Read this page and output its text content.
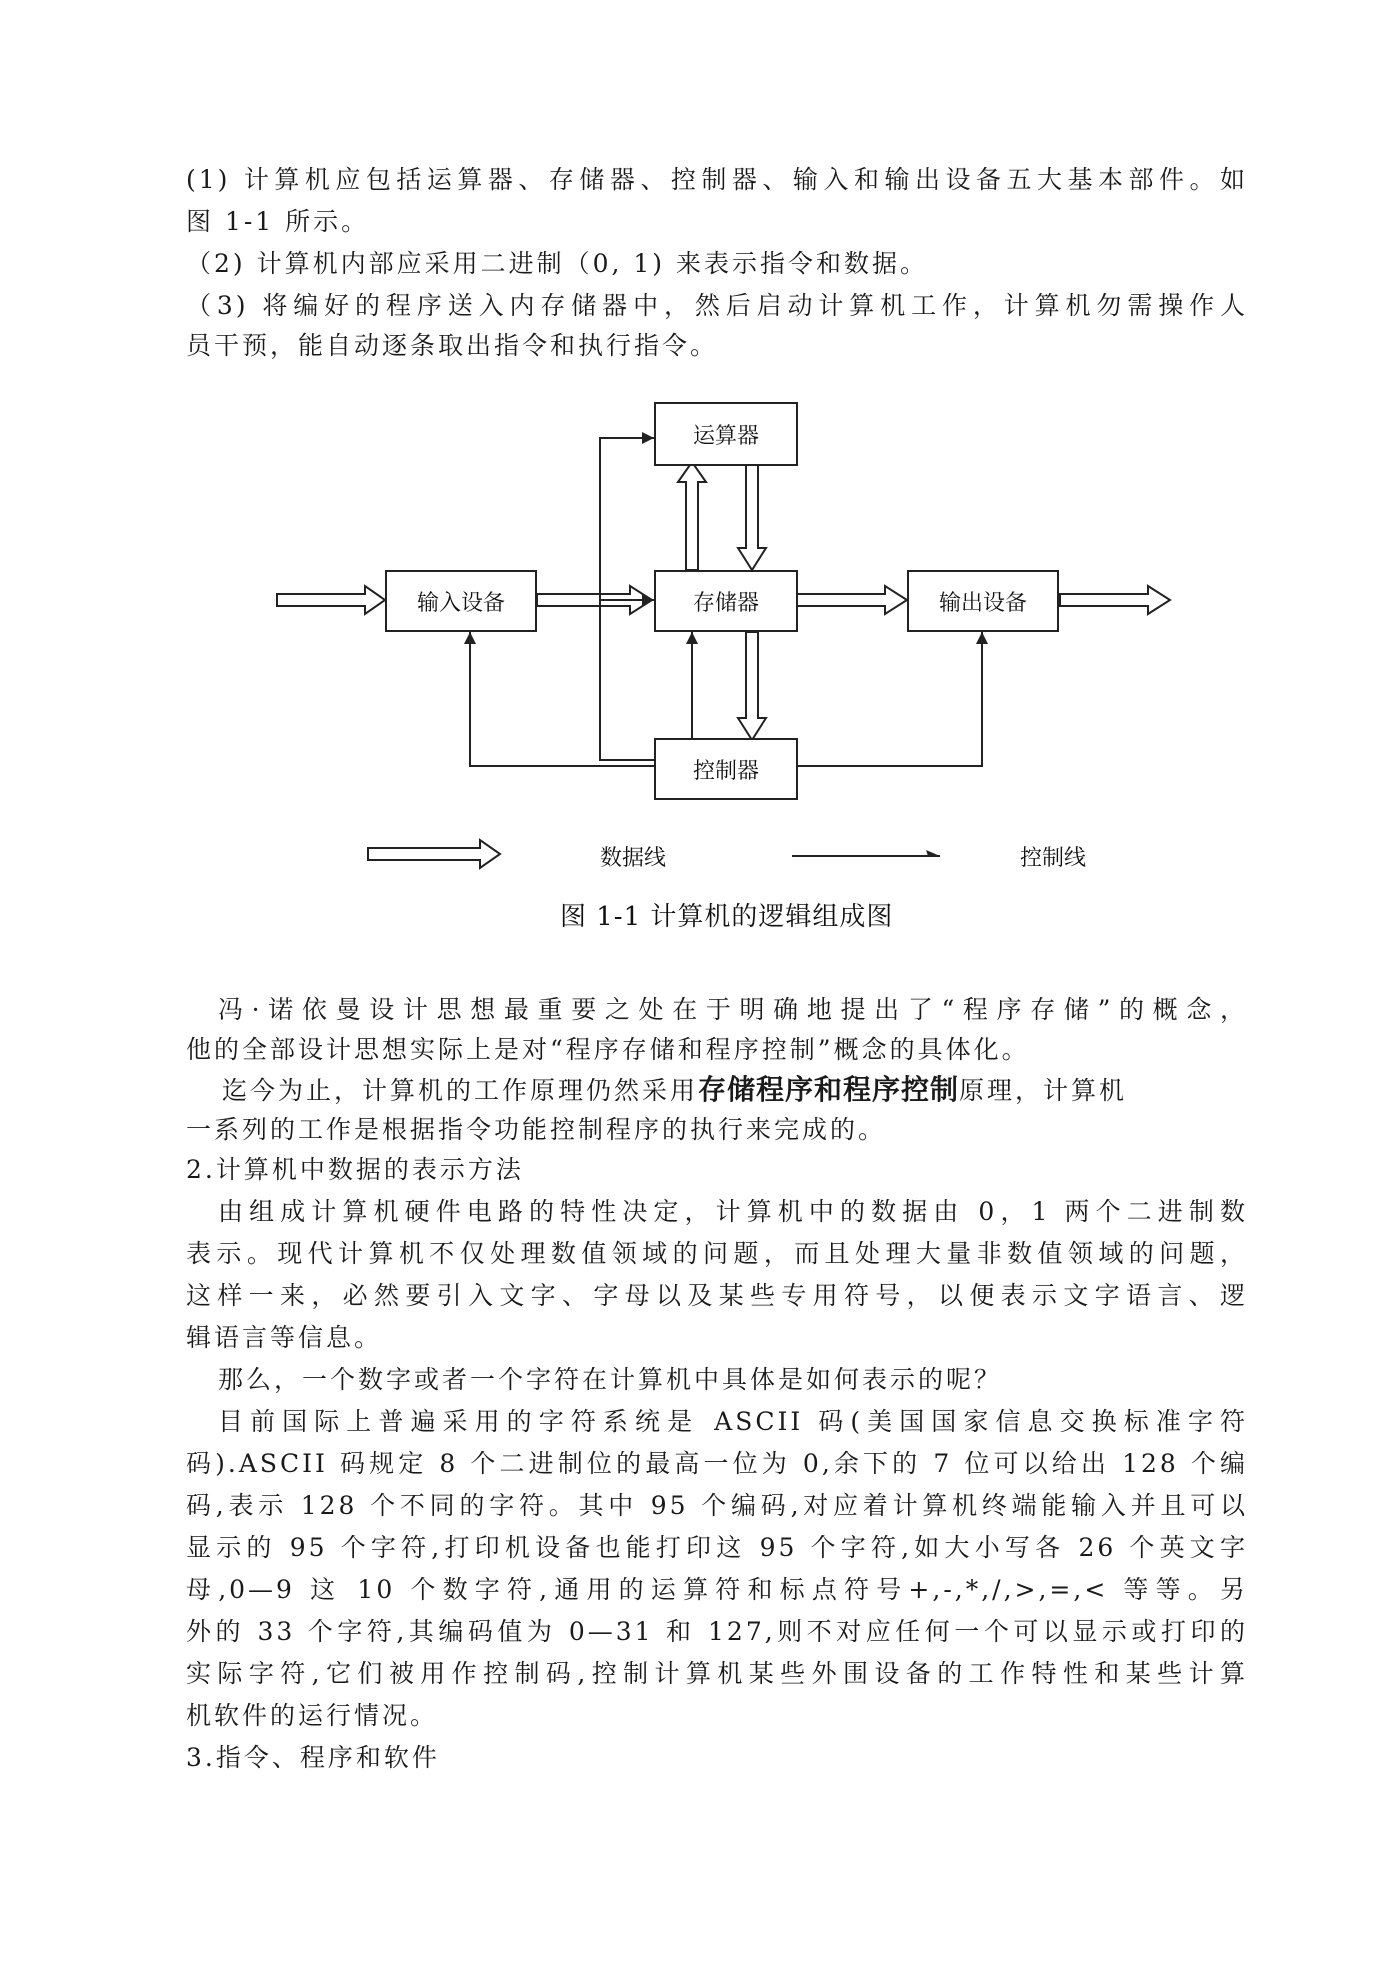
(1) 计算机应包括运算器、存储器、控制器、输入和输出设备五大基本部件。如
图 1-1 所示。
（2) 计算机内部应采用二进制（0, 1) 来表示指令和数据。
（3) 将编好的程序送入内存储器中，然后启动计算机工作，计算机勿需操作人
员干预，能自动逐条取出指令和执行指令。
运算器
输入设备	存储器	输出设备
控制器
数据线	控制线
图 1-1 计算机的逻辑组成图
冯·诺依曼设计思想最重要之处在于明确地提出了“程序存储”的概念，
他的全部设计思想实际上是对“程序存储和程序控制”概念的具体化。
迄今为止，计算机的工作原理仍然采用存储程序和程序控制原理，计算机
一系列的工作是根据指令功能控制程序的执行来完成的。
2.计算机中数据的表示方法
由组成计算机硬件电路的特性决定，计算机中的数据由 0，1 两个二进制数
表示。现代计算机不仅处理数值领域的问题，而且处理大量非数值领域的问题，
这样一来，必然要引入文字、字母以及某些专用符号，以便表示文字语言、逻
辑语言等信息。
那么，一个数字或者一个字符在计算机中具体是如何表示的呢？
目前国际上普遍采用的字符系统是 ASCII 码(美国国家信息交换标准字符
码).ASCII 码规定 8 个二进制位的最高一位为 0,余下的 7 位可以给出 128 个编
码,表示 128 个不同的字符。其中 95 个编码,对应着计算机终端能输入并且可以
显示的 95 个字符,打印机设备也能打印这 95 个字符,如大小写各 26 个英文字
母,0—9 这 10 个数字符,通用的运算符和标点符号+,-,*,/,>,=,< 等等。另
外的 33 个字符,其编码值为 0—31 和 127,则不对应任何一个可以显示或打印的
实际字符,它们被用作控制码,控制计算机某些外围设备的工作特性和某些计算
机软件的运行情况。
3.指令、程序和软件
